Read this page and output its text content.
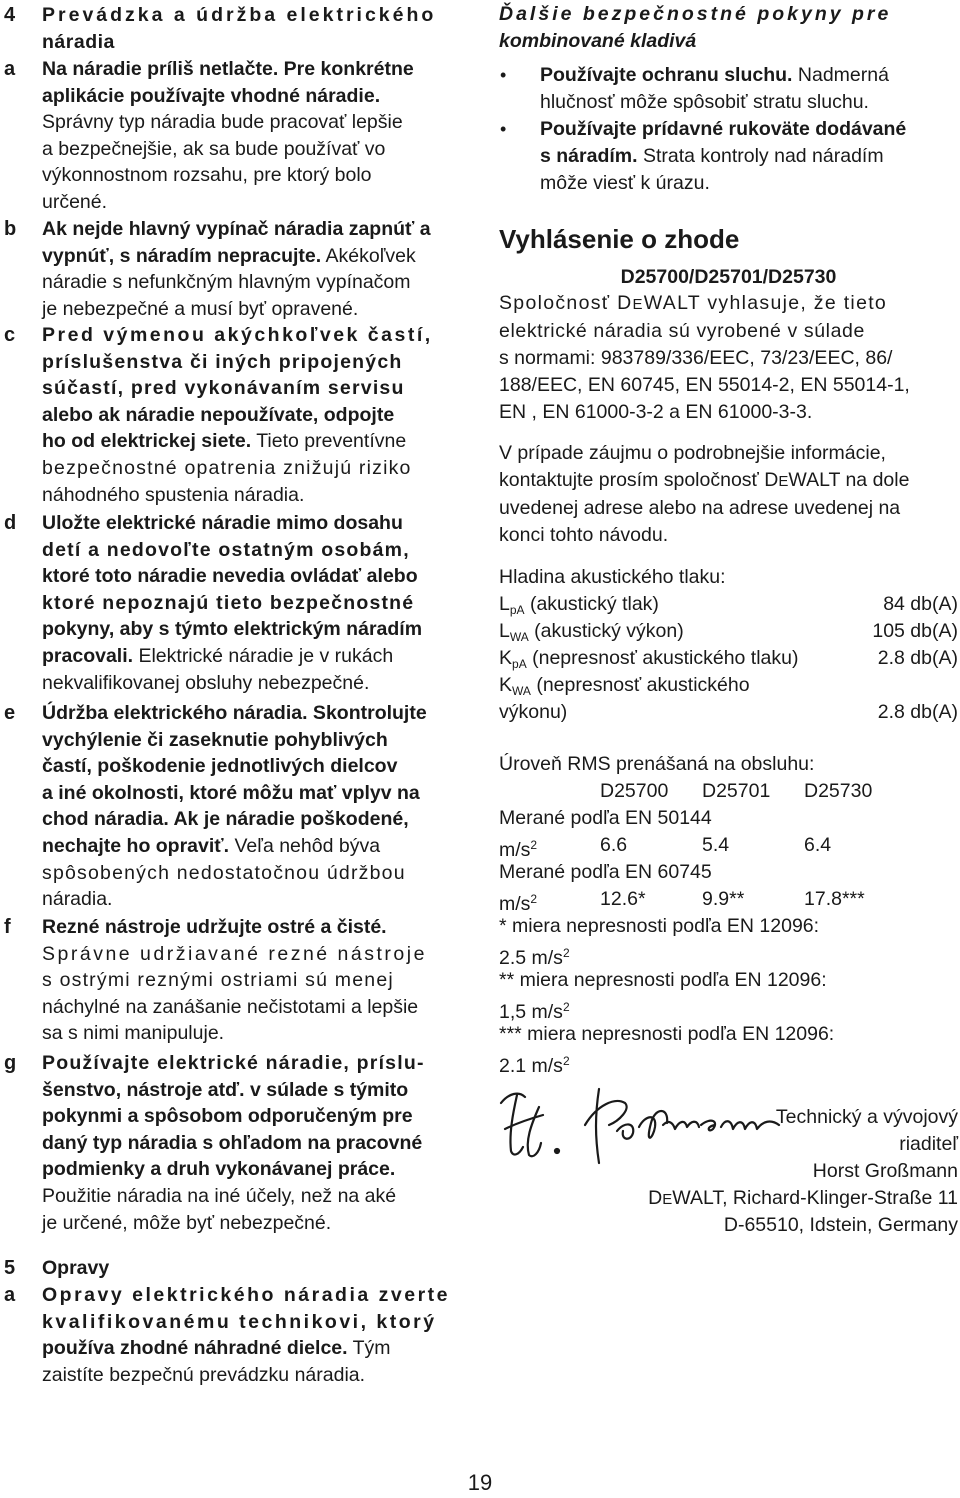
4 Prevádzka a údržba elektrického
náradia
a Na náradie príliš netlačte. Pre konkrétne
aplikácie používajte vhodné náradie.
Správny typ náradia bude pracovať lepšie
a bezpečnejšie, ak sa bude používať vo
výkonnostnom rozsahu, pre ktorý bolo
určené.
b Ak nejde hlavný vypínač náradia zapnúť a
vypnúť, s náradím nepracujte. Akékoľvek
náradie s nefunkčným hlavným vypínačom
je nebezpečné a musí byť opravené.
c Pred výmenou akýchkoľvek častí,
príslušenstva či iných pripojených
súčastí, pred vykonávaním servisu
alebo ak náradie nepoužívate, odpojte
ho od elektrickej siete. Tieto preventívne
bezpečnostné opatrenia znižujú riziko
náhodného spustenia náradia.
d Uložte elektrické náradie mimo dosahu
detí a nedovoľte ostatným osobám,
ktoré toto náradie nevedia ovládať alebo
ktoré nepoznajú tieto bezpečnostné
pokyny, aby s týmto elektrickým náradím
pracovali. Elektrické náradie je v rukách
nekvalifikovanej obsluhy nebezpečné.
e Údržba elektrického náradia. Skontrolujte
vychýlenie či zaseknutie pohyblivých
častí, poškodenie jednotlivých dielcov
a iné okolnosti, ktoré môžu mať vplyv na
chod náradia. Ak je náradie poškodené,
nechajte ho opraviť. Veľa nehôd býva
spôsobených nedostatočnou údržbou
náradia.
f Rezné nástroje udržujte ostré a čisté.
Správne udržiavané rezné nástroje
s ostrými reznými ostriami sú menej
náchylné na zanášanie nečistotami a lepšie
sa s nimi manipuluje.
g Používajte elektrické náradie, príslu-
šenstvo, nástroje atď. v súlade s týmito
pokynmi a spôsobom odporučeným pre
daný typ náradia s ohľadom na pracovné
podmienky a druh vykonávanej práce.
Použitie náradia na iné účely, než na aké
je určené, môže byť nebezpečné.
5 Opravy
a Opravy elektrického náradia zverte
kvalifikovanému technikovi, ktorý
používa zhodné náhradné dielce. Tým
zaistíte bezpečnú prevádzku náradia.
Ďalšie bezpečnostné pokyny pre
kombinované kladivá
• Používajte ochranu sluchu. Nadmerná
hlučnosť môže spôsobiť stratu sluchu.
• Používajte prídavné rukoväte dodávané
s náradím. Strata kontroly nad náradím
môže viesť k úrazu.
Vyhlásenie o zhode
D25700/D25701/D25730
Spoločnosť DEWALT vyhlasuje, že tieto
elektrické náradia sú vyrobené v súlade
s normami: 983789/336/EEC, 73/23/EEC, 86/
188/EEC, EN 60745, EN 55014-2, EN 55014-1,
EN , EN 61000-3-2 a EN 61000-3-3.
V prípade záujmu o podrobnejšie informácie,
kontaktujte prosím spoločnosť DEWALT na dole
uvedenej adrese alebo na adrese uvedenej na
konci tohto návodu.
Hladina akustického tlaku:
$L_{pA}$ (akustický tlak)	84 db(A)
$L_{WA}$ (akustický výkon)	105 db(A)
$K_{pA}$ (nepresnosť akustického tlaku)	2.8 db(A)
$K_{WA}$ (nepresnosť akustického
výkonu)	2.8 db(A)
Úroveň RMS prenášaná na obsluhu:
D25700 D25701 D25730
Merané podľa EN 50144
$m/s^2$	6.6	5.4	6.4
Merané podľa EN 60745
$m/s^2$	12.6*	9.9**	17.8***
* miera nepresnosti podľa EN 12096:
2.5 $m/s^2$
** miera nepresnosti podľa EN 12096:
1,5 $m/s^2$
*** miera nepresnosti podľa EN 12096:
2.1 $m/s^2$
Technický a vývojový
riaditeľ
Horst Großmann
DEWALT, Richard-Klinger-Straße 11
D-65510, Idstein, Germany
19
